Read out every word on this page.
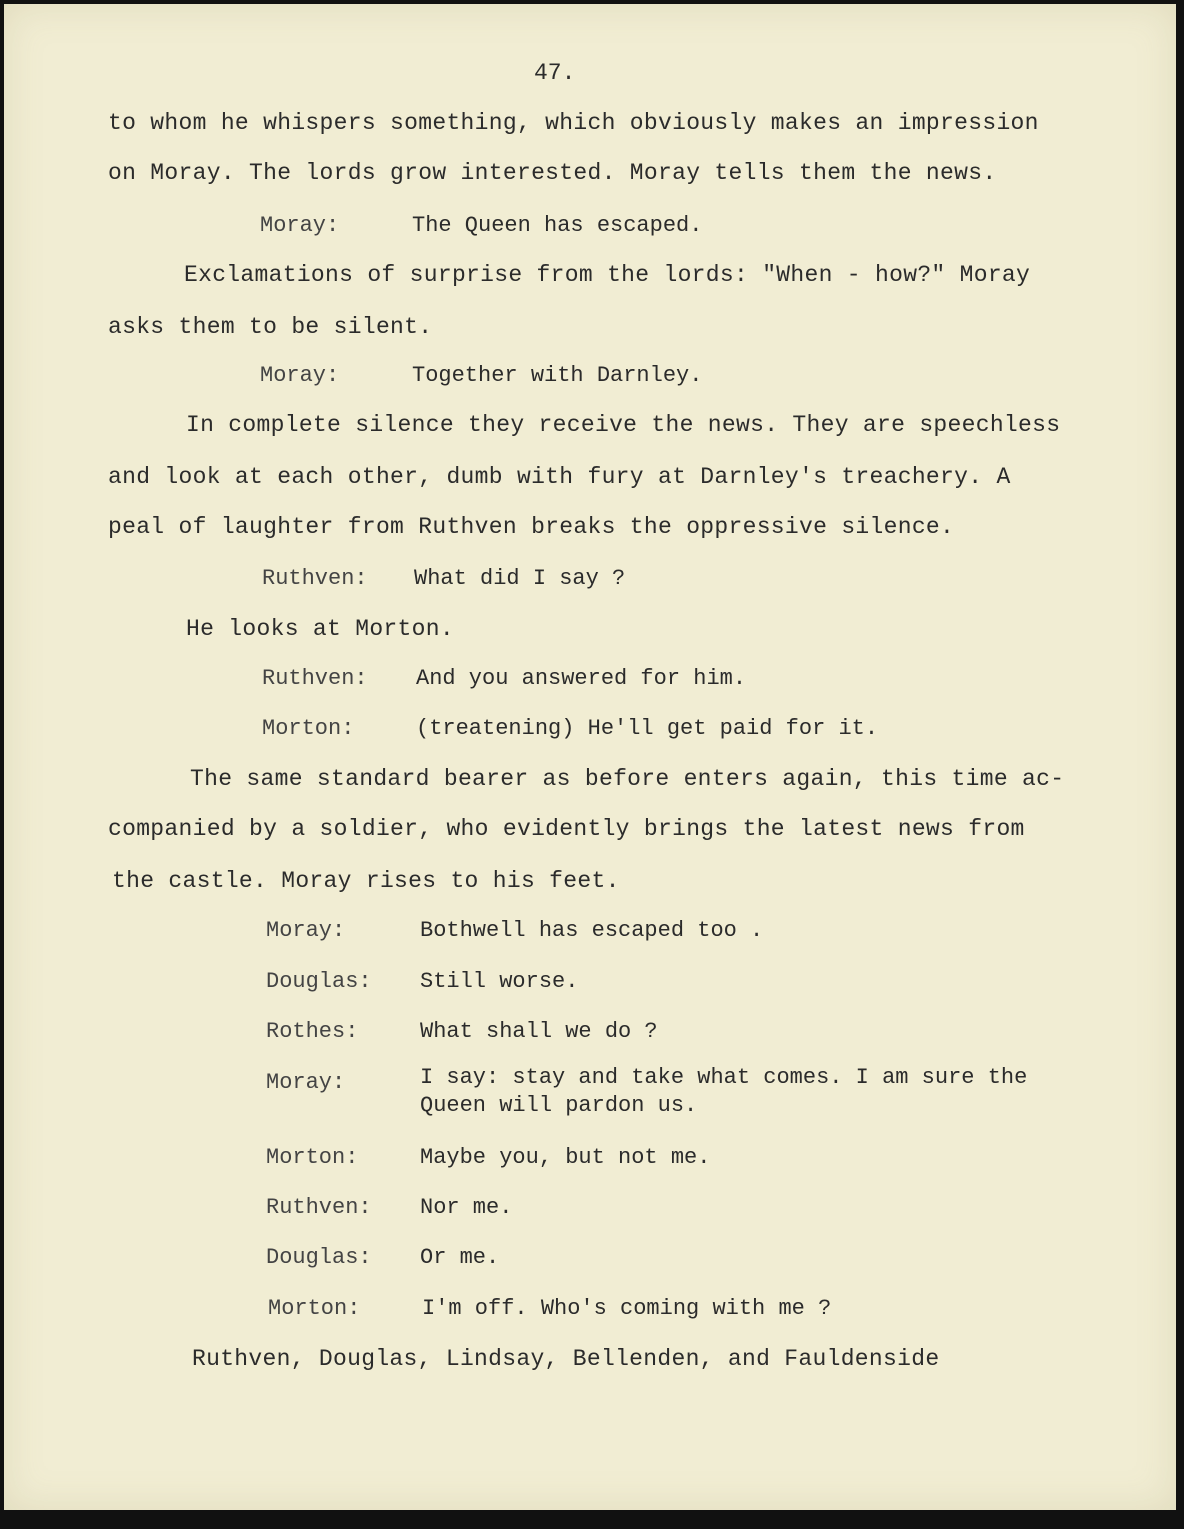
47.
to whom he whispers something, which obviously makes an impression
on Moray. The lords grow interested. Moray tells them the news.
Moray:	The Queen has escaped.
Exclamations of surprise from the lords: "When - how?" Moray
asks them to be silent.
Moray:	Together with Darnley.
In complete silence they receive the news. They are speechless
and look at each other, dumb with fury at Darnley's treachery. A
peal of laughter from Ruthven breaks the oppressive silence.
Ruthven: What did I say ?
He looks at Morton.
Ruthven: And you answered for him.
Morton:	(treatening) He'll get paid for it.
The same standard bearer as before enters again, this time ac-
companied by a soldier, who evidently brings the latest news from
the castle. Moray rises to his feet.
Moray:	Bothwell has escaped too .
Douglas: Still worse.
Rothes:	What shall we do ?
Moray:	I say: stay and take what comes. I am sure the
Queen will pardon us.
Morton:	Maybe you, but not me.
Ruthven: Nor me.
Douglas: Or me.
Morton:	I'm off. Who's coming with me ?
Ruthven, Douglas, Lindsay, Bellenden, and Fauldenside
